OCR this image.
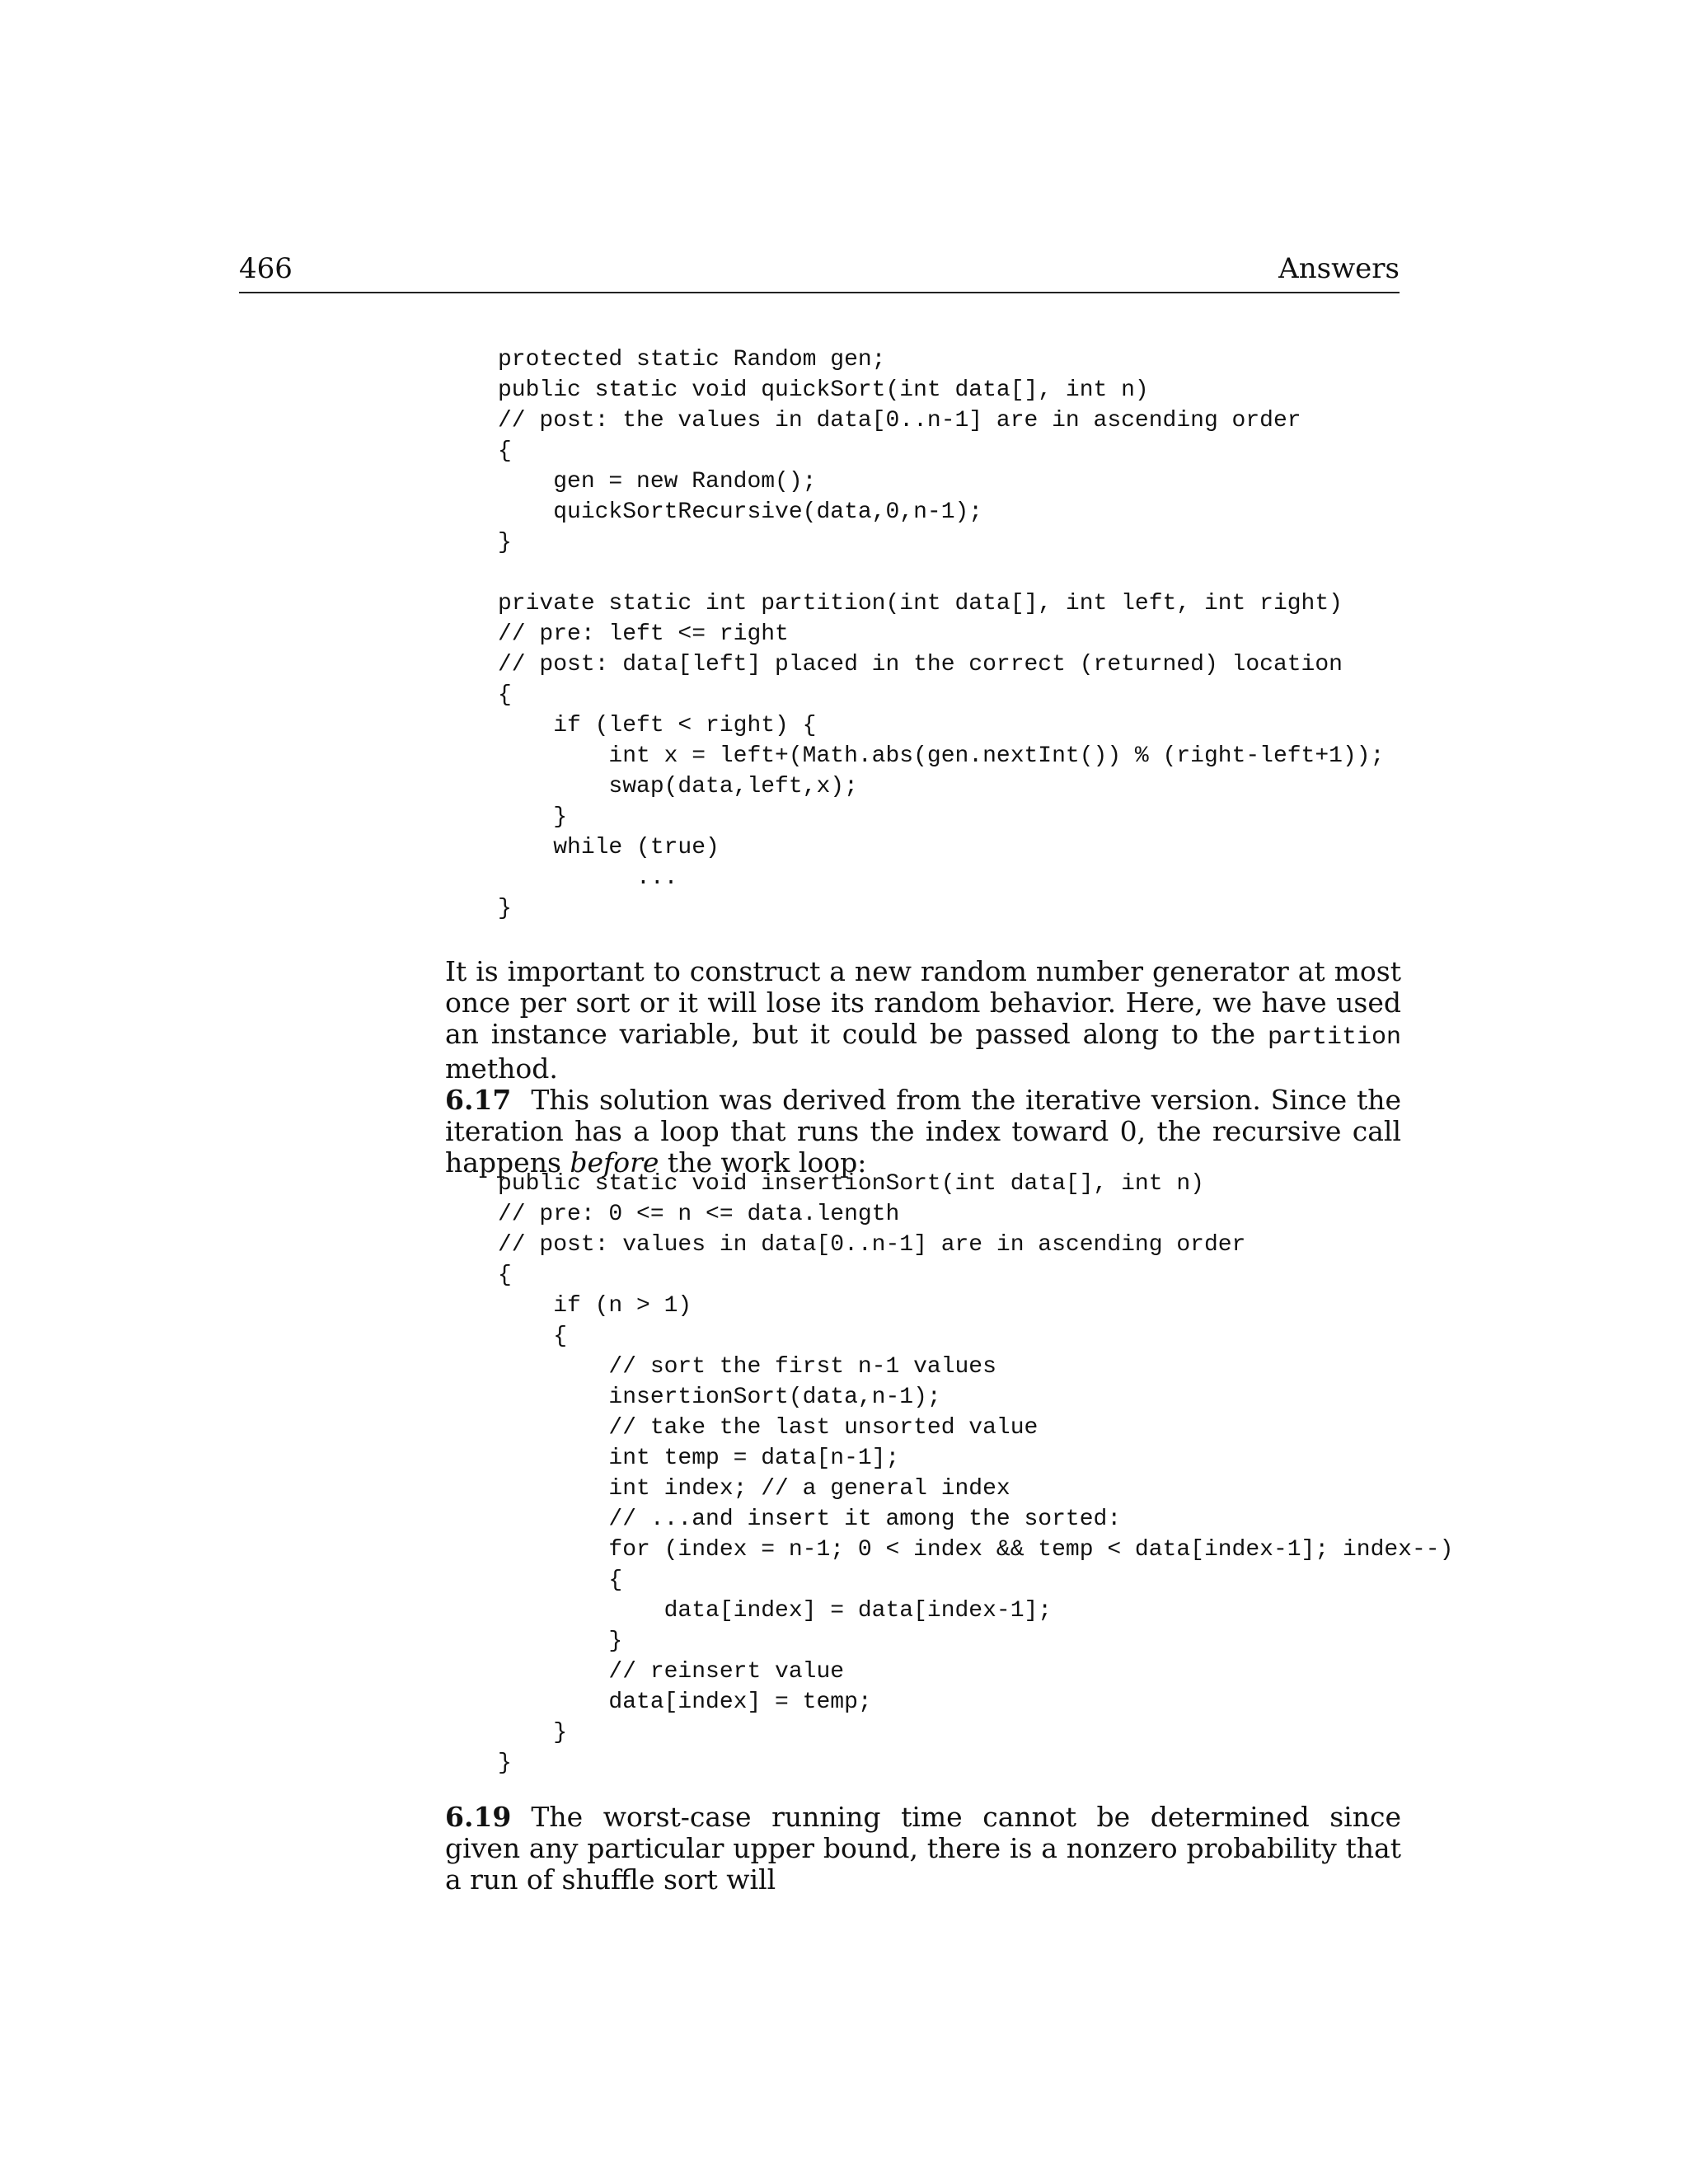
466	Answers
protected static Random gen;
public static void quickSort(int data[], int n)
// post: the values in data[0..n-1] are in ascending order
{
gen = new Random();
quickSortRecursive(data,0,n-1);
}

private static int partition(int data[], int left, int right)
// pre: left <= right
// post: data[left] placed in the correct (returned) location
{
if (left < right) {
int x = left+(Math.abs(gen.nextInt()) % (right-left+1));
swap(data,left,x);
}
while (true)
...
}

It is important to construct a new random number generator at most once per sort or it will lose its random behavior. Here, we have used an instance variable, but it could be passed along to the partition method.
6.17 This solution was derived from the iterative version. Since the iteration has a loop that runs the index toward 0, the recursive call happens before the work loop:

public static void insertionSort(int data[], int n)
// pre: 0 <= n <= data.length
// post: values in data[0..n-1] are in ascending order
{
if (n > 1)
{
// sort the first n-1 values
insertionSort(data,n-1);
// take the last unsorted value
int temp = data[n-1];
int index; // a general index
// ...and insert it among the sorted:
for (index = n-1; 0 < index && temp < data[index-1]; index--)
{
data[index] = data[index-1];
}
// reinsert value
data[index] = temp;
}
}

6.19 The worst-case running time cannot be determined since given any particular upper bound, there is a nonzero probability that a run of shuffle sort will
